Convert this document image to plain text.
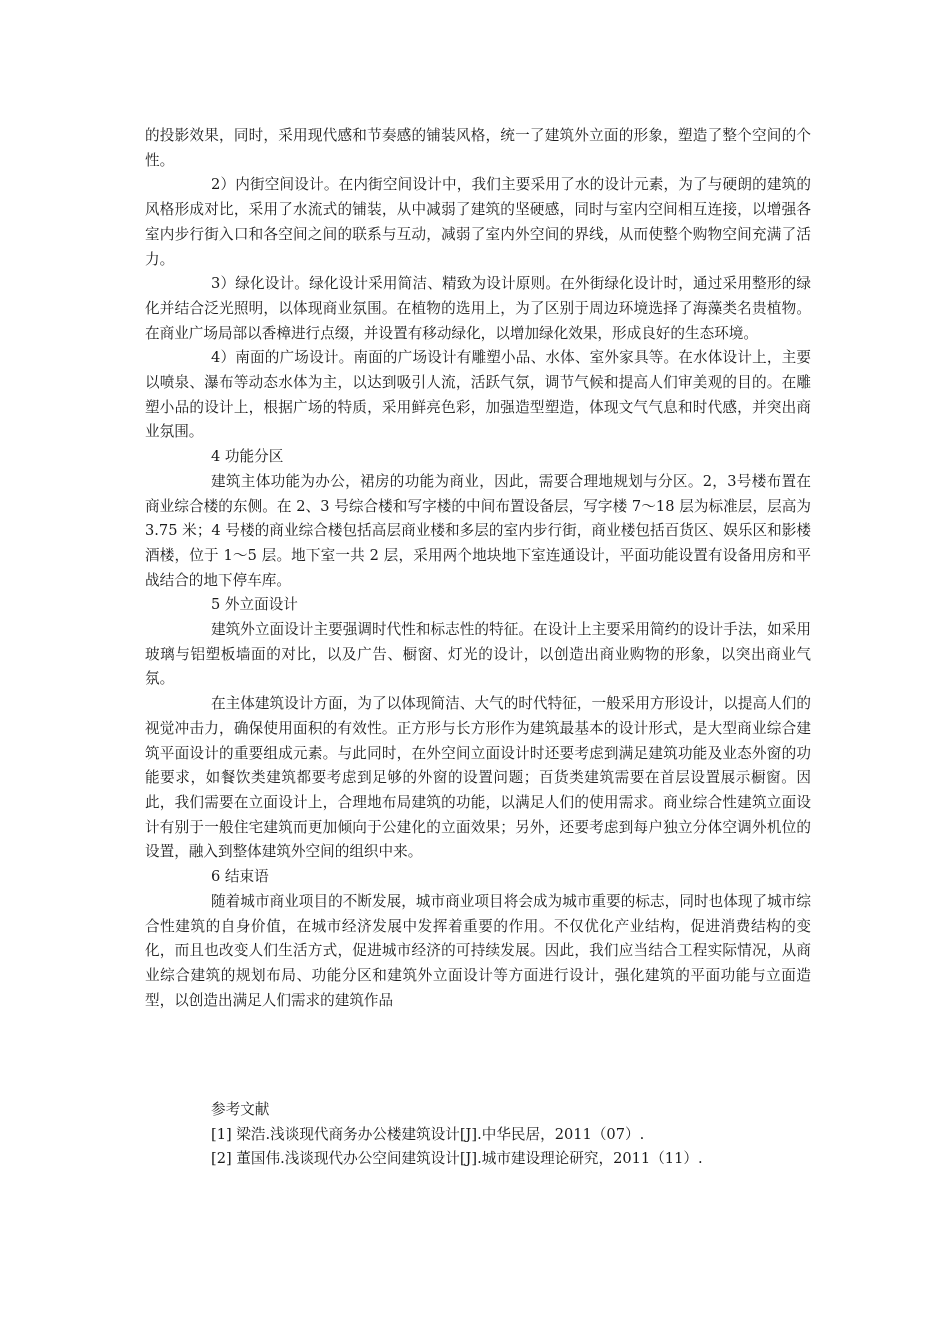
的投影效果，同时，采用现代感和节奏感的铺装风格，统一了建筑外立面的形象，塑造了整个空间的个性。

2）内街空间设计。在内街空间设计中，我们主要采用了水的设计元素，为了与硬朗的建筑的风格形成对比，采用了水流式的铺装，从中减弱了建筑的坚硬感，同时与室内空间相互连接，以增强各室内步行街入口和各空间之间的联系与互动，减弱了室内外空间的界线，从而使整个购物空间充满了活力。

3）绿化设计。绿化设计采用简洁、精致为设计原则。在外街绿化设计时，通过采用整形的绿化并结合泛光照明，以体现商业氛围。在植物的选用上，为了区别于周边环境选择了海藻类名贵植物。在商业广场局部以香樟进行点缀，并设置有移动绿化，以增加绿化效果，形成良好的生态环境。

4）南面的广场设计。南面的广场设计有雕塑小品、水体、室外家具等。在水体设计上，主要以喷泉、瀑布等动态水体为主，以达到吸引人流，活跃气氛，调节气候和提高人们审美观的目的。在雕塑小品的设计上，根据广场的特质，采用鲜亮色彩，加强造型塑造，体现文气气息和时代感，并突出商业氛围。

4 功能分区

建筑主体功能为办公，裙房的功能为商业，因此，需要合理地规划与分区。2，3号楼布置在商业综合楼的东侧。在 2、3 号综合楼和写字楼的中间布置设备层，写字楼 7～18 层为标准层，层高为 3.75 米；4 号楼的商业综合楼包括高层商业楼和多层的室内步行街，商业楼包括百货区、娱乐区和影楼酒楼，位于 1～5 层。地下室一共 2 层，采用两个地块地下室连通设计，平面功能设置有设备用房和平战结合的地下停车库。

5 外立面设计

建筑外立面设计主要强调时代性和标志性的特征。在设计上主要采用简约的设计手法，如采用玻璃与铝塑板墙面的对比，以及广告、橱窗、灯光的设计，以创造出商业购物的形象，以突出商业气氛。

在主体建筑设计方面，为了以体现简洁、大气的时代特征，一般采用方形设计，以提高人们的视觉冲击力，确保使用面积的有效性。正方形与长方形作为建筑最基本的设计形式，是大型商业综合建筑平面设计的重要组成元素。与此同时，在外空间立面设计时还要考虑到满足建筑功能及业态外窗的功能要求，如餐饮类建筑都要考虑到足够的外窗的设置问题；百货类建筑需要在首层设置展示橱窗。因此，我们需要在立面设计上，合理地布局建筑的功能，以满足人们的使用需求。商业综合性建筑立面设计有别于一般住宅建筑而更加倾向于公建化的立面效果；另外，还要考虑到每户独立分体空调外机位的设置，融入到整体建筑外空间的组织中来。

6 结束语

随着城市商业项目的不断发展，城市商业项目将会成为城市重要的标志，同时也体现了城市综合性建筑的自身价值，在城市经济发展中发挥着重要的作用。不仅优化产业结构，促进消费结构的变化，而且也改变人们生活方式，促进城市经济的可持续发展。因此，我们应当结合工程实际情况，从商业综合建筑的规划布局、功能分区和建筑外立面设计等方面进行设计，强化建筑的平面功能与立面造型，以创造出满足人们需求的建筑作品

参考文献

[1] 梁浩.浅谈现代商务办公楼建筑设计[J].中华民居，2011（07）.

[2] 董国伟.浅谈现代办公空间建筑设计[J].城市建设理论研究，2011（11）.
